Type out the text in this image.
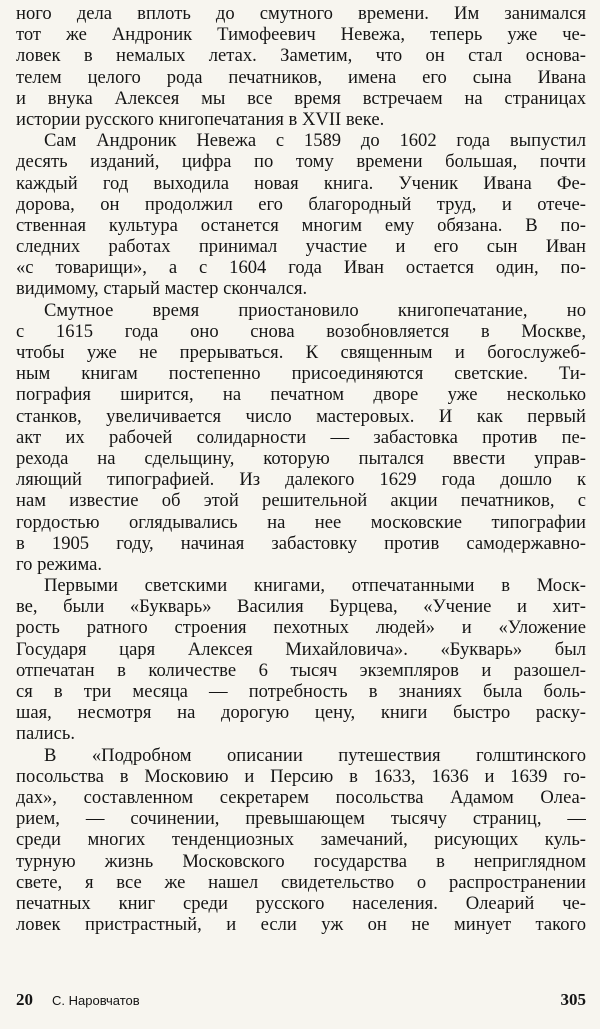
ного дела вплоть до смутного времени. Им занимался
тот же Андроник Тимофеевич Невежа, теперь уже че-
ловек в немалых летах. Заметим, что он стал основа-
телем целого рода печатников, имена его сына Ивана
и внука Алексея мы все время встречаем на страницах
истории русского книгопечатания в XVII веке.
Сам Андроник Невежа с 1589 до 1602 года выпустил
десять изданий, цифра по тому времени большая, почти
каждый год выходила новая книга. Ученик Ивана Фе-
дорова, он продолжил его благородный труд, и отече-
ственная культура останется многим ему обязана. В по-
следних работах принимал участие и его сын Иван
«с товарищи», а с 1604 года Иван остается один, по-
видимому, старый мастер скончался.
Смутное время приостановило книгопечатание, но
с 1615 года оно снова возобновляется в Москве,
чтобы уже не прерываться. К священным и богослужеб-
ным книгам постепенно присоединяются светские. Ти-
пография ширится, на печатном дворе уже несколько
станков, увеличивается число мастеровых. И как первый
акт их рабочей солидарности — забастовка против пе-
рехода на сдельщину, которую пытался ввести управ-
ляющий типографией. Из далекого 1629 года дошло к
нам известие об этой решительной акции печатников, с
гордостью оглядывались на нее московские типографии
в 1905 году, начиная забастовку против самодержавно-
го режима.
Первыми светскими книгами, отпечатанными в Моск-
ве, были «Букварь» Василия Бурцева, «Учение и хит-
рость ратного строения пехотных людей» и «Уложение
Государя царя Алексея Михайловича». «Букварь» был
отпечатан в количестве 6 тысяч экземпляров и разошел-
ся в три месяца — потребность в знаниях была боль-
шая, несмотря на дорогую цену, книги быстро раску-
пались.
В «Подробном описании путешествия голштинского
посольства в Московию и Персию в 1633, 1636 и 1639 го-
дах», составленном секретарем посольства Адамом Олеа-
рием, — сочинении, превышающем тысячу страниц, —
среди многих тенденциозных замечаний, рисующих куль-
турную жизнь Московского государства в неприглядном
свете, я все же нашел свидетельство о распространении
печатных книг среди русского населения. Олеарий че-
ловек пристрастный, и если уж он не минует такого
20 С. Наровчатов	305
